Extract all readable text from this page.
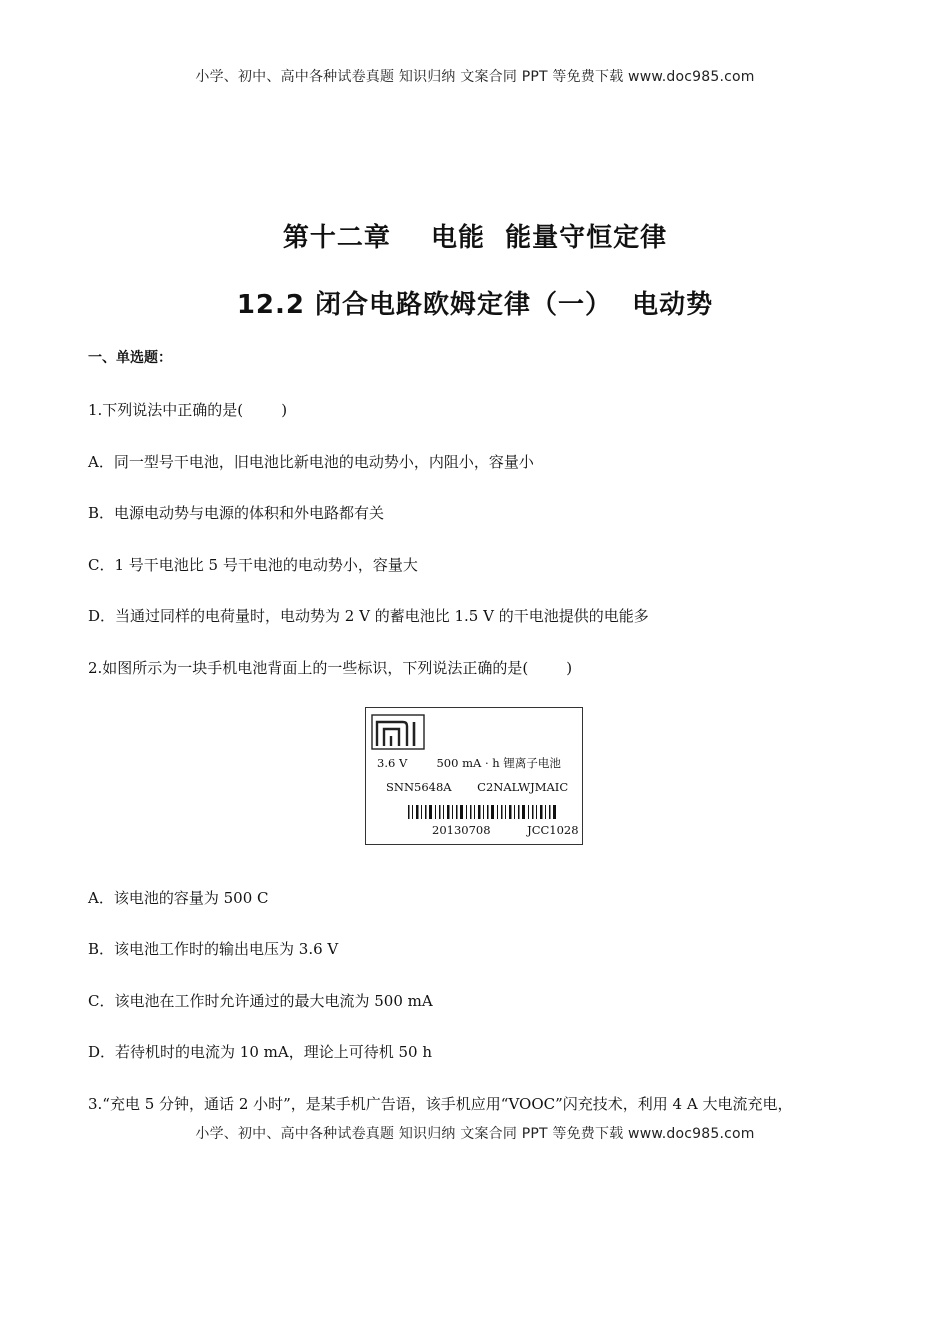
小学、初中、高中各种试卷真题 知识归纳 文案合同 PPT 等免费下载 www.doc985.com
第十二章    电能  能量守恒定律
12.2 闭合电路欧姆定律（一）  电动势
一、单选题：
1.下列说法中正确的是(        )
A．同一型号干电池，旧电池比新电池的电动势小，内阻小，容量小
B．电源电动势与电源的体积和外电路都有关
C．1 号干电池比 5 号干电池的电动势小，容量大
D．当通过同样的电荷量时，电动势为 2 V 的蓄电池比 1.5 V 的干电池提供的电能多
2.如图所示为一块手机电池背面上的一些标识，下列说法正确的是(        )
3.6 V        500 mA · h 锂离子电池
SNN5648A       C2NALWJMAIC
20130708          JCC1028
A．该电池的容量为 500 C
B．该电池工作时的输出电压为 3.6 V
C．该电池在工作时允许通过的最大电流为 500 mA
D．若待机时的电流为 10 mA，理论上可待机 50 h
3.“充电 5 分钟，通话 2 小时”，是某手机广告语，该手机应用“VOOC”闪充技术，利用 4 A 大电流充电，
小学、初中、高中各种试卷真题 知识归纳 文案合同 PPT 等免费下载 www.doc985.com
